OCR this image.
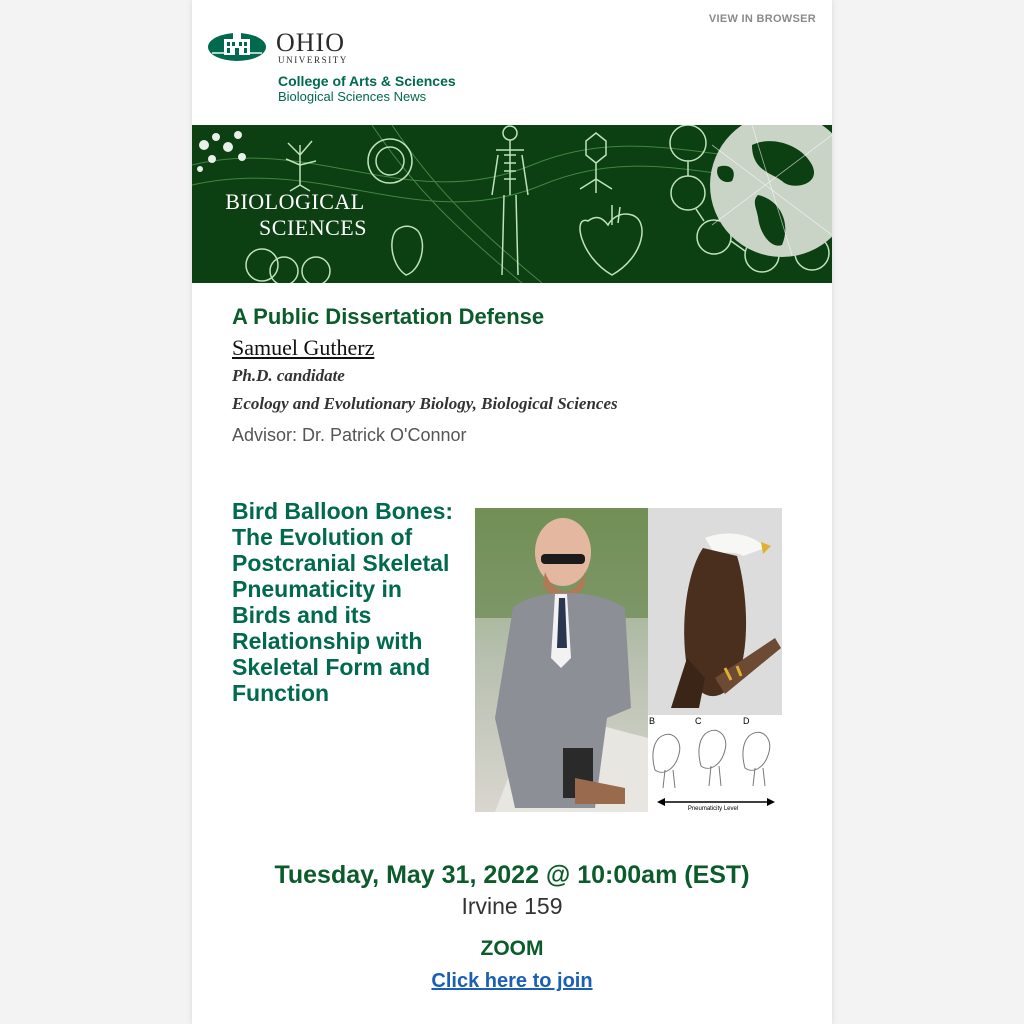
VIEW IN BROWSER
OHIO
UNIVERSITY
College of Arts & Sciences
Biological Sciences News
BIOLOGICAL
SCIENCES
A Public Dissertation Defense
Samuel Gutherz
Ph.D. candidate
Ecology and Evolutionary Biology, Biological Sciences
Advisor: Dr. Patrick O'Connor
Bird Balloon Bones: The Evolution of Postcranial Skeletal Pneumaticity in Birds and its Relationship with Skeletal Form and Function
B	C	D
Pneumaticity Level
Tuesday, May 31, 2022 @ 10:00am (EST)
Irvine 159
ZOOM
Click here to join
